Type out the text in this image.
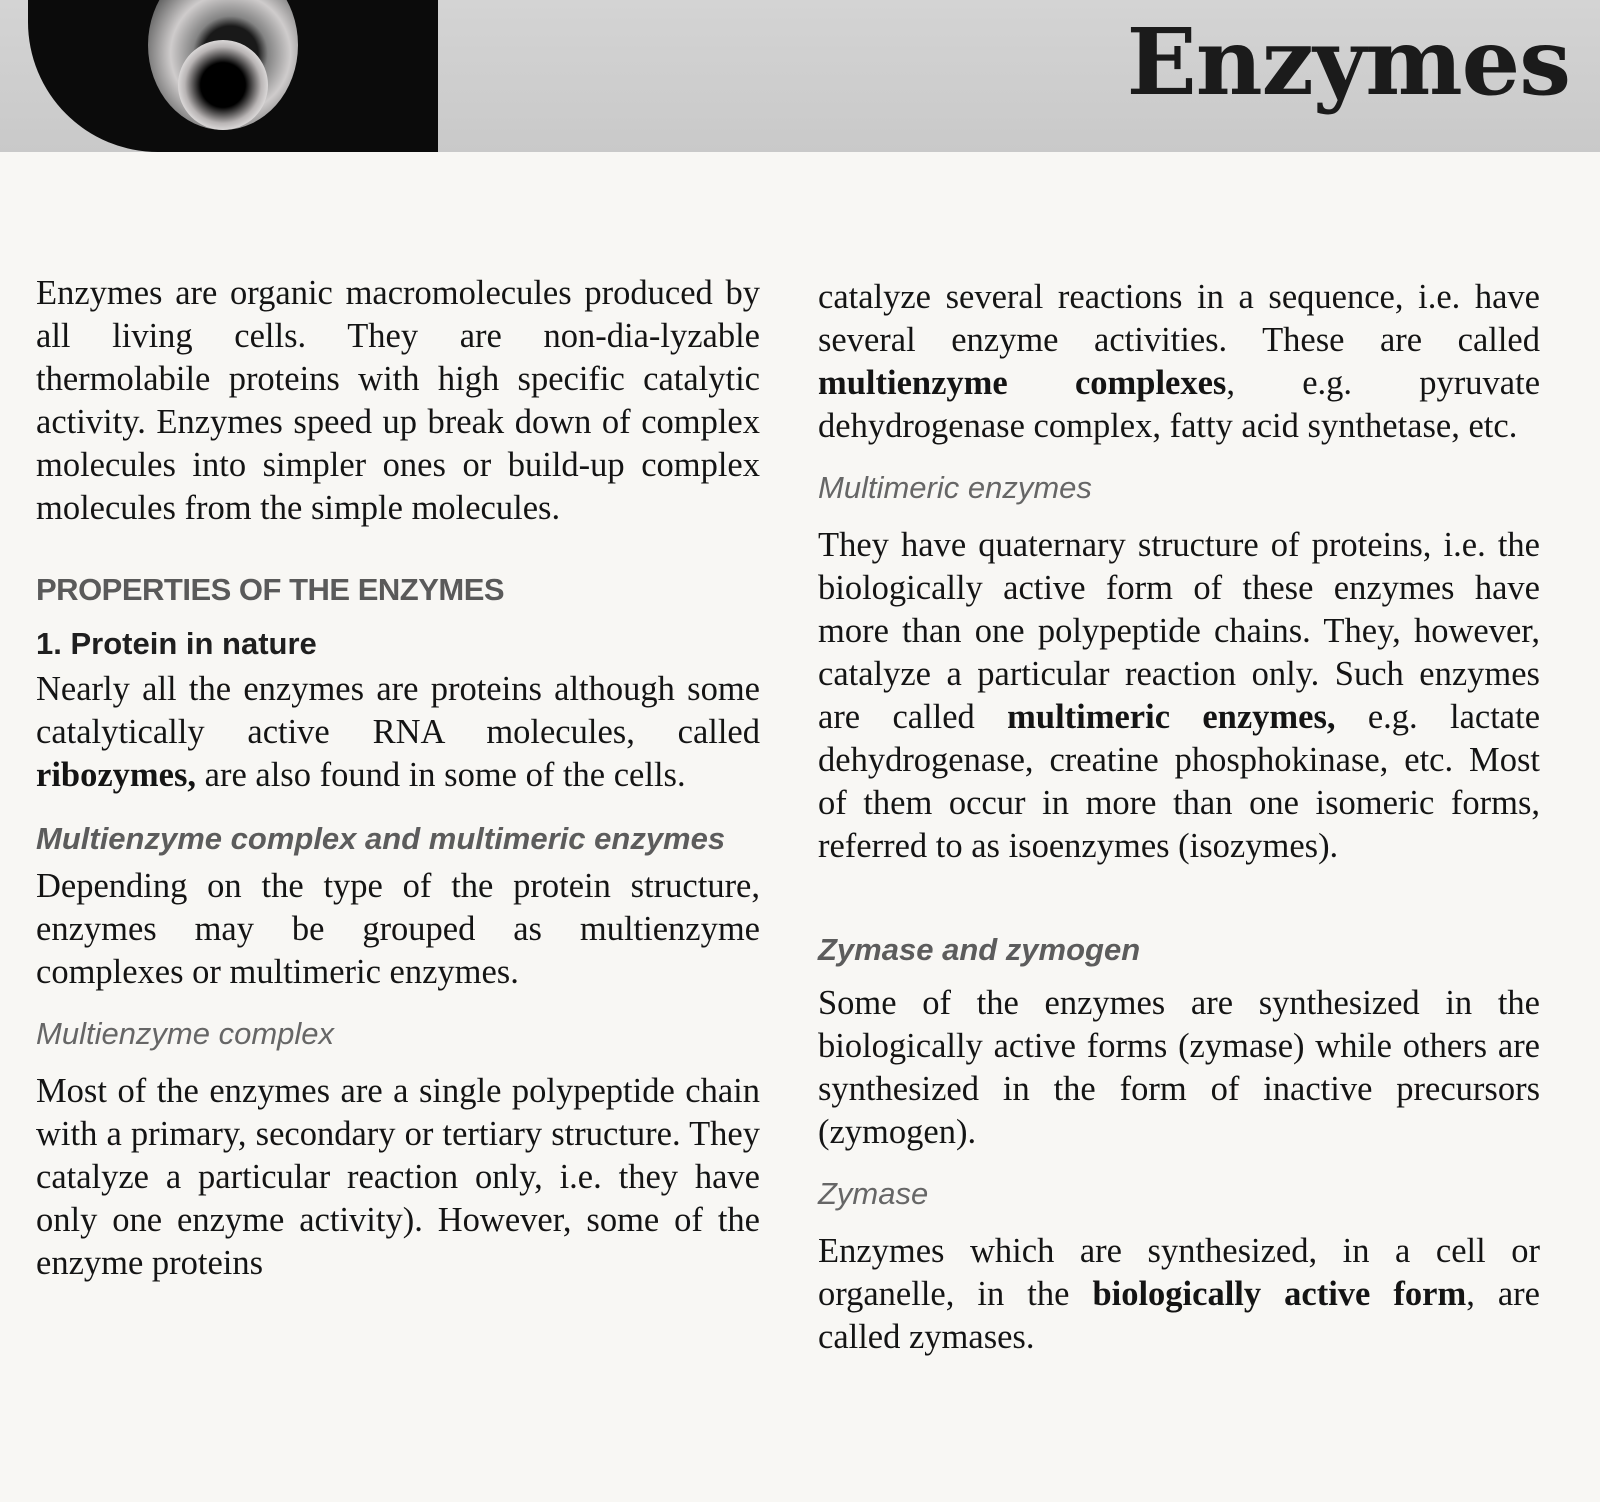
Enzymes

Enzymes are organic macromolecules produced by all living cells. They are non-dia-lyzable thermolabile proteins with high specific catalytic activity. Enzymes speed up break down of complex molecules into simpler ones or build-up complex molecules from the simple molecules.

PROPERTIES OF THE ENZYMES
1. Protein in nature

Nearly all the enzymes are proteins although some catalytically active RNA molecules, called ribozymes, are also found in some of the cells.

Multienzyme complex and multimeric enzymes

Depending on the type of the protein structure, enzymes may be grouped as multienzyme complexes or multimeric enzymes.

Multienzyme complex

Most of the enzymes are a single polypeptide chain with a primary, secondary or tertiary structure. They catalyze a particular reaction only, i.e. they have only one enzyme activity). However, some of the enzyme proteins

catalyze several reactions in a sequence, i.e. have several enzyme activities. These are called multienzyme complexes, e.g. pyruvate dehydrogenase complex, fatty acid synthetase, etc.

Multimeric enzymes

They have quaternary structure of proteins, i.e. the biologically active form of these enzymes have more than one polypeptide chains. They, however, catalyze a particular reaction only. Such enzymes are called multimeric enzymes, e.g. lactate dehydrogenase, creatine phosphokinase, etc. Most of them occur in more than one isomeric forms, referred to as isoenzymes (isozymes).

Zymase and zymogen

Some of the enzymes are synthesized in the biologically active forms (zymase) while others are synthesized in the form of inactive precursors (zymogen).

Zymase

Enzymes which are synthesized, in a cell or organelle, in the biologically active form, are called zymases.
